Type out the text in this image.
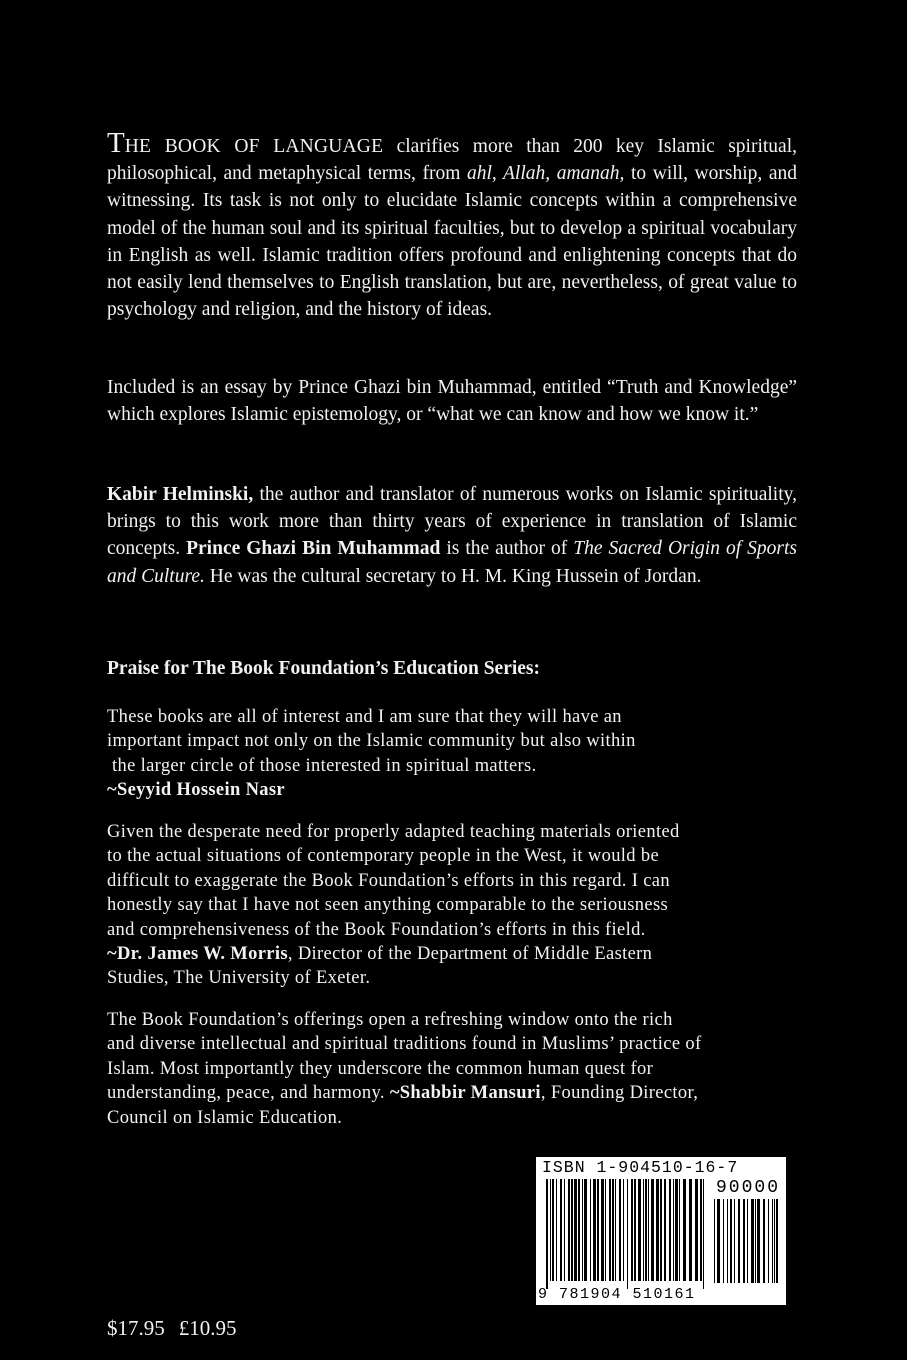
THE BOOK OF LANGUAGE clarifies more than 200 key Islamic spiritual, philosophical, and metaphysical terms, from ahl, Allah, amanah, to will, worship, and witnessing. Its task is not only to elucidate Islamic concepts within a comprehensive model of the human soul and its spiritual faculties, but to develop a spiritual vocabulary in English as well. Islamic tradition offers profound and enlightening concepts that do not easily lend themselves to English translation, but are, nevertheless, of great value to psychology and religion, and the history of ideas.

Included is an essay by Prince Ghazi bin Muhammad, entitled “Truth and Knowledge” which explores Islamic epistemology, or “what we can know and how we know it.”

Kabir Helminski, the author and translator of numerous works on Islamic spirituality, brings to this work more than thirty years of experience in translation of Islamic concepts. Prince Ghazi Bin Muhammad is the author of The Sacred Origin of Sports and Culture. He was the cultural secretary to H. M. King Hussein of Jordan.

Praise for The Book Foundation’s Education Series:
These books are all of interest and I am sure that they will have an
important impact not only on the Islamic community but also within
the larger circle of those interested in spiritual matters.
~Seyyid Hossein Nasr
Given the desperate need for properly adapted teaching materials oriented
to the actual situations of contemporary people in the West, it would be
difficult to exaggerate the Book Foundation’s efforts in this regard. I can
honestly say that I have not seen anything comparable to the seriousness
and comprehensiveness of the Book Foundation’s efforts in this field.
~Dr. James W. Morris, Director of the Department of Middle Eastern
Studies, The University of Exeter.
The Book Foundation’s offerings open a refreshing window onto the rich
and diverse intellectual and spiritual traditions found in Muslims’ practice of
Islam. Most importantly they underscore the common human quest for
understanding, peace, and harmony. ~Shabbir Mansuri, Founding Director,
Council on Islamic Education.
$17.95 £10.95
ISBN 1-904510-16-7
90000
9 781904 510161
